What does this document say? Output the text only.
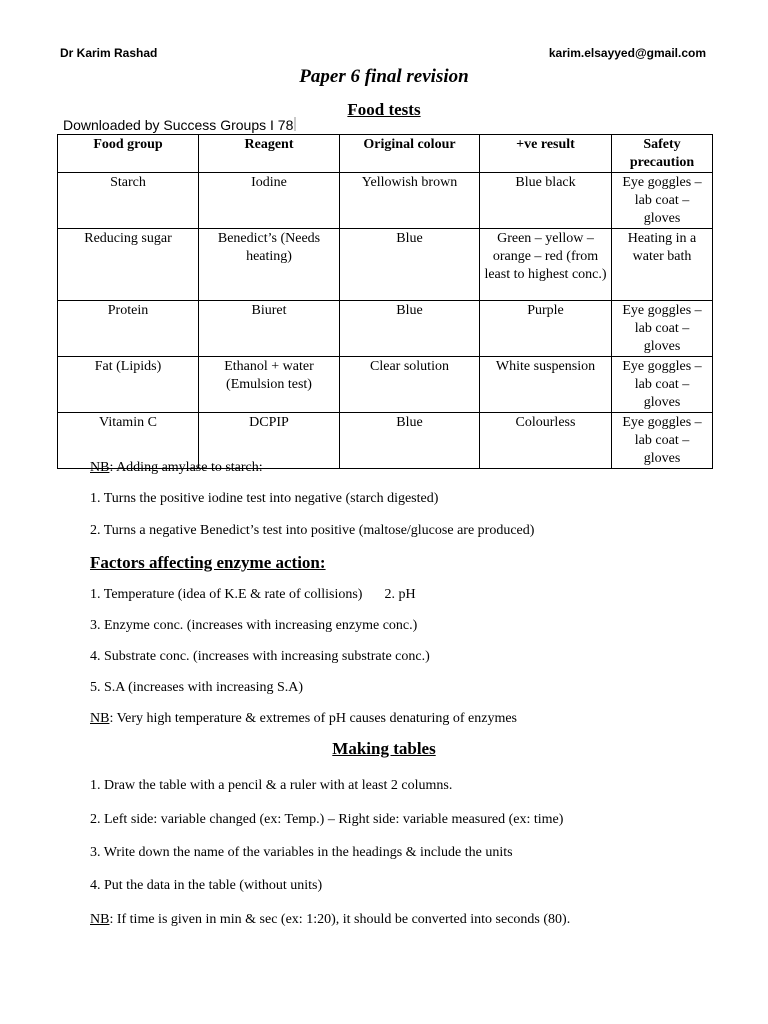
Dr Karim Rashad	karim.elsayyed@gmail.com
Paper 6 final revision
Food tests
Downloaded by Success Groups I 78
Food group	Reagent	Original colour	+ve result	Safety precaution
Starch	Iodine	Yellowish brown	Blue black	Eye goggles – lab coat – gloves
Reducing sugar	Benedict’s (Needs heating)	Blue	Green – yellow – orange – red (from least to highest conc.)	Heating in a water bath
Protein	Biuret	Blue	Purple	Eye goggles – lab coat – gloves
Fat (Lipids)	Ethanol + water (Emulsion test)	Clear solution	White suspension	Eye goggles – lab coat – gloves
Vitamin C	DCPIP	Blue	Colourless	Eye goggles – lab coat – gloves
NB: Adding amylase to starch:
1. Turns the positive iodine test into negative (starch digested)
2. Turns a negative Benedict’s test into positive (maltose/glucose are produced)
Factors affecting enzyme action:
1. Temperature (idea of K.E & rate of collisions) 2. pH
3. Enzyme conc. (increases with increasing enzyme conc.)
4. Substrate conc. (increases with increasing substrate conc.)
5. S.A (increases with increasing S.A)
NB: Very high temperature & extremes of pH causes denaturing of enzymes
Making tables
1. Draw the table with a pencil & a ruler with at least 2 columns.
2. Left side: variable changed (ex: Temp.) – Right side: variable measured (ex: time)
3. Write down the name of the variables in the headings & include the units
4. Put the data in the table (without units)
NB: If time is given in min & sec (ex: 1:20), it should be converted into seconds (80).
